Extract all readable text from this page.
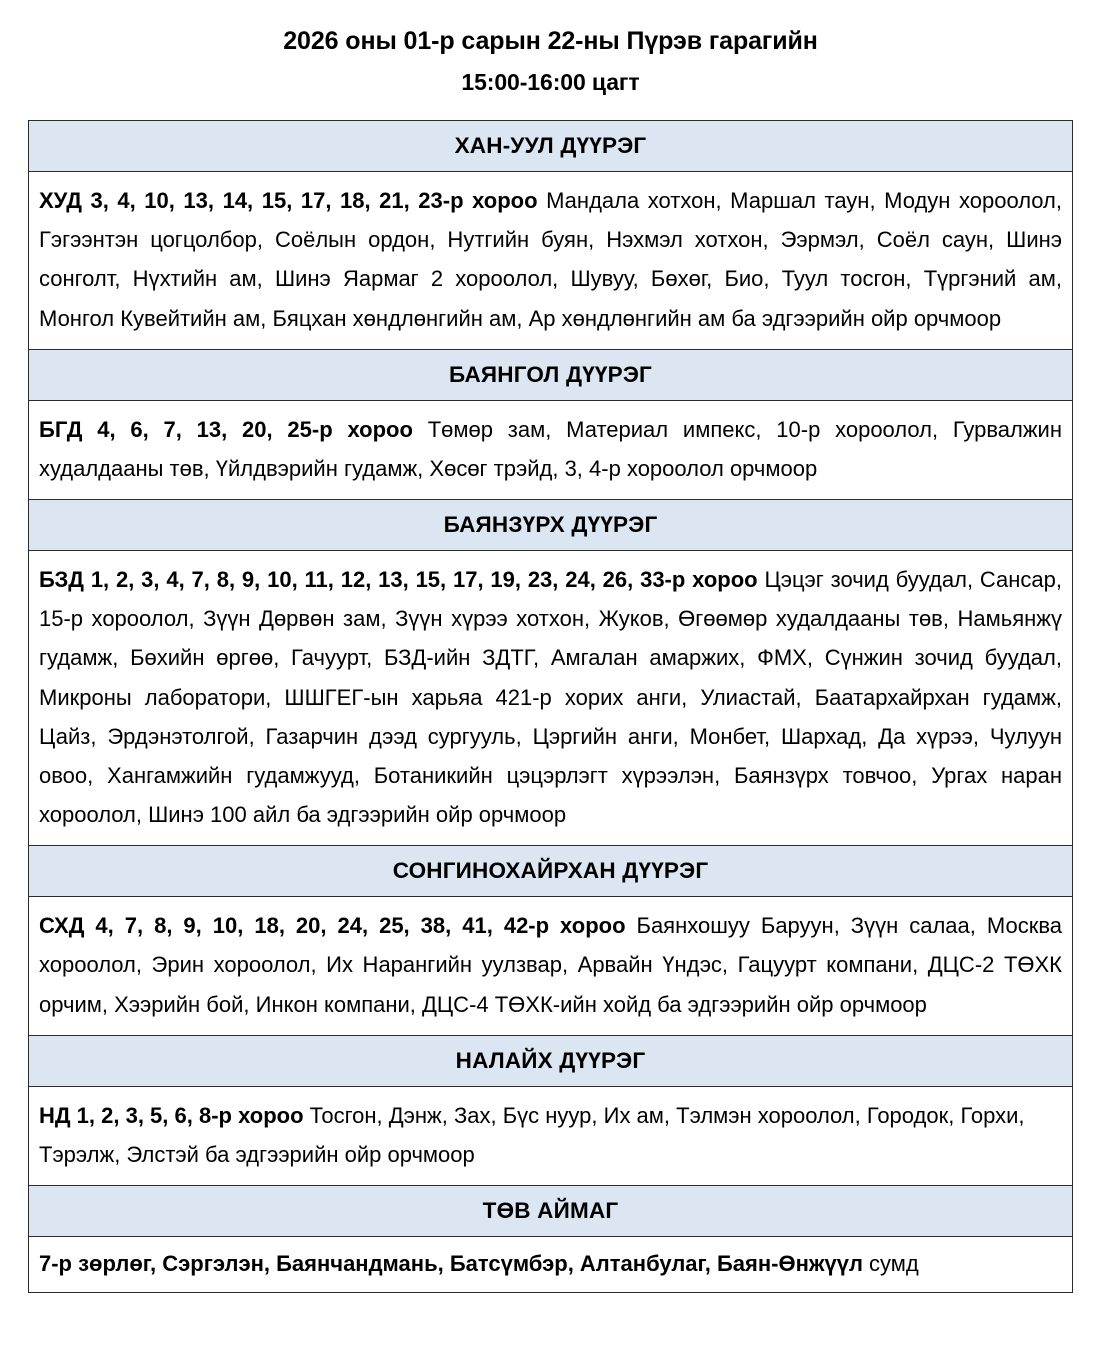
2026 оны 01-р сарын 22-ны Пүрэв гарагийн
15:00-16:00 цагт
ХАН-УУЛ ДҮҮРЭГ
ХУД 3, 4, 10, 13, 14, 15, 17, 18, 21, 23-р хороо Мандала хотхон, Маршал таун, Модун хороолол, Гэгээнтэн цогцолбор, Соёлын ордон, Нутгийн буян, Нэхмэл хотхон, Ээрмэл, Соёл саун, Шинэ сонголт, Нүхтийн ам, Шинэ Яармаг 2 хороолол, Шувуу, Бөхөг, Био, Туул тосгон, Түргэний ам, Монгол Кувейтийн ам, Бяцхан хөндлөнгийн ам, Ар хөндлөнгийн ам ба эдгээрийн ойр орчмоор
БАЯНГОЛ ДҮҮРЭГ
БГД 4, 6, 7, 13, 20, 25-р хороо Төмөр зам, Материал импекс, 10-р хороолол, Гурвалжин худалдааны төв, Үйлдвэрийн гудамж, Хөсөг трэйд, 3, 4-р хороолол орчмоор
БАЯНЗҮРХ ДҮҮРЭГ
БЗД 1, 2, 3, 4, 7, 8, 9, 10, 11, 12, 13, 15, 17, 19, 23, 24, 26, 33-р хороо Цэцэг зочид буудал, Сансар, 15-р хороолол, Зүүн Дөрвөн зам, Зүүн хүрээ хотхон, Жуков, Өгөөмөр худалдааны төв, Намьянжү гудамж, Бөхийн өргөө, Гачуурт, БЗД-ийн ЗДТГ, Амгалан амаржих, ФМХ, Сүнжин зочид буудал, Микроны лаборатори, ШШГЕГ-ын харьяа 421-р хорих анги, Улиастай, Баатархайрхан гудамж, Цайз, Эрдэнэтолгой, Газарчин дээд сургууль, Цэргийн анги, Монбет, Шархад, Да хүрээ, Чулуун овоо, Хангамжийн гудамжууд, Ботаникийн цэцэрлэгт хүрээлэн, Баянзүрх товчоо, Ургах наран хороолол, Шинэ 100 айл ба эдгээрийн ойр орчмоор
СОНГИНОХАЙРХАН ДҮҮРЭГ
СХД 4, 7, 8, 9, 10, 18, 20, 24, 25, 38, 41, 42-р хороо Баянхошуу Баруун, Зүүн салаа, Москва хороолол, Эрин хороолол, Их Нарангийн уулзвар, Арвайн Үндэс, Гацуурт компани, ДЦС-2 ТӨХК орчим, Хээрийн бой, Инкон компани, ДЦС-4 ТӨХК-ийн хойд ба эдгээрийн ойр орчмоор
НАЛАЙХ ДҮҮРЭГ
НД 1, 2, 3, 5, 6, 8-р хороо Тосгон, Дэнж, Зах, Бүс нуур, Их ам, Тэлмэн хороолол, Городок, Горхи, Тэрэлж, Элстэй ба эдгээрийн ойр орчмоор
ТӨВ АЙМАГ
7-р зөрлөг, Сэргэлэн, Баянчандмань, Батсүмбэр, Алтанбулаг, Баян-Өнжүүл сумд
